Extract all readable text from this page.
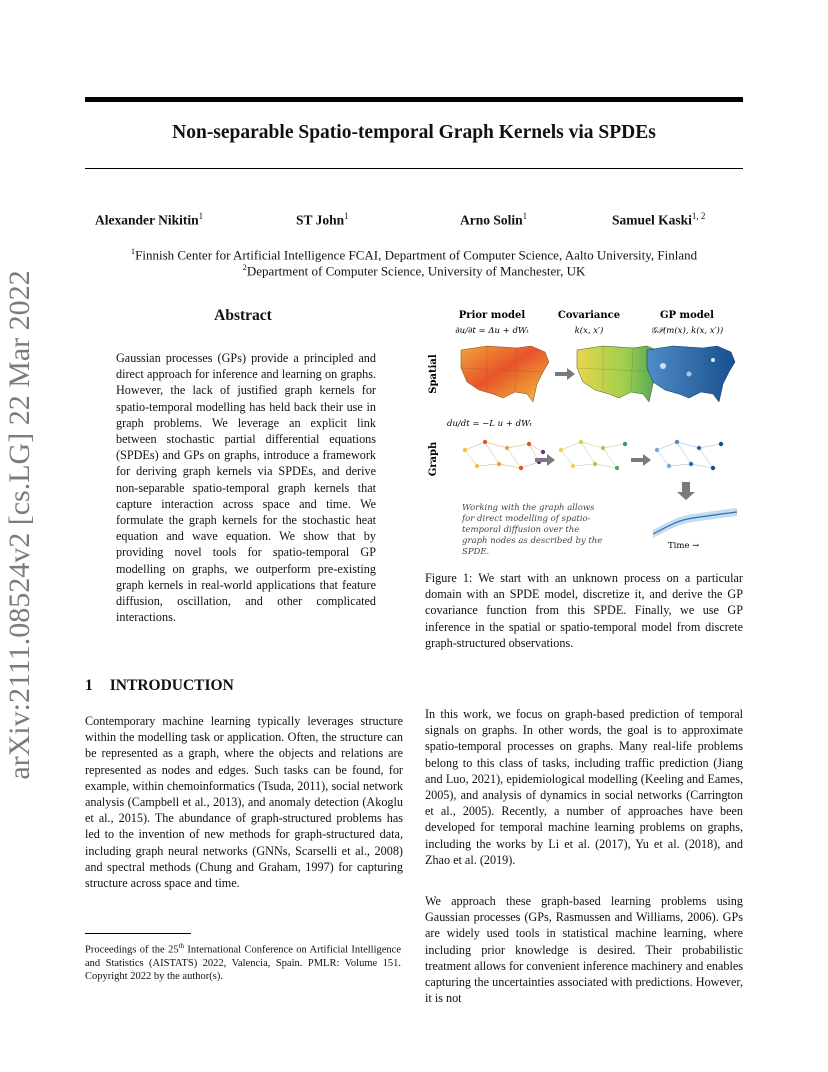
Non-separable Spatio-temporal Graph Kernels via SPDEs
arXiv:2111.08524v2 [cs.LG] 22 Mar 2022
Alexander Nikitin$^1$	ST John$^1$	Arno Solin$^1$	Samuel Kaski$^{1, 2}$
$^1$Finnish Center for Artificial Intelligence FCAI, Department of Computer Science, Aalto University, Finland
$^2$Department of Computer Science, University of Manchester, UK
Abstract
Gaussian processes (GPs) provide a principled and direct approach for inference and learning on graphs. However, the lack of justified graph kernels for spatio-temporal modelling has held back their use in graph problems. We leverage an explicit link between stochastic partial differential equations (SPDEs) and GPs on graphs, introduce a framework for deriving graph kernels via SPDEs, and derive non-separable spatio-temporal graph kernels that capture interaction across space and time. We formulate the graph kernels for the stochastic heat equation and wave equation. We show that by providing novel tools for spatio-temporal GP modelling on graphs, we outperform pre-existing graph kernels in real-world applications that feature diffusion, oscillation, and other complicated interactions.
1 INTRODUCTION
Contemporary machine learning typically leverages structure within the modelling task or application. Often, the structure can be represented as a graph, where the objects and relations are represented as nodes and edges. Such tasks can be found, for example, within chemoinformatics (Tsuda, 2011), social network analysis (Campbell et al., 2013), and anomaly detection (Akoglu et al., 2015). The abundance of graph-structured problems has led to the invention of new methods for graph-structured data, including graph neural networks (GNNs, Scarselli et al., 2008) and spectral methods (Chung and Graham, 1997) for capturing structure across space and time.
Proceedings of the 25th International Conference on Artificial Intelligence and Statistics (AISTATS) 2022, Valencia, Spain. PMLR: Volume 151. Copyright 2022 by the author(s).
In this work, we focus on graph-based prediction of temporal signals on graphs. In other words, the goal is to approximate spatio-temporal processes on graphs. Many real-life problems belong to this class of tasks, including traffic prediction (Jiang and Luo, 2021), epidemiological modelling (Keeling and Eames, 2005), and analysis of dynamics in social networks (Carrington et al., 2005). Recently, a number of approaches have been developed for temporal machine learning problems on graphs, including the works by Li et al. (2017), Yu et al. (2018), and Zhao et al. (2019).
We approach these graph-based learning problems using Gaussian processes (GPs, Rasmussen and Williams, 2006). GPs are widely used tools in statistical machine learning, where including prior knowledge is desired. Their probabilistic treatment allows for convenient inference machinery and enables capturing the uncertainties associated with predictions. However, it is not
Prior model	Covariance	GP model
∂u/∂t = Δu + dWₜ	k(x, x′)	𝒢𝒫(m(x), k(x, x′))
Spatial
Graph
du/dt = −L u + dWₜ
Time →
Working with the graph allows
for direct modelling of spatio-
temporal diffusion over the
graph nodes as described by the
SPDE.
Figure 1: We start with an unknown process on a particular domain with an SPDE model, discretize it, and derive the GP covariance function from this SPDE. Finally, we use GP inference in the spatial or spatio-temporal model from discrete graph-structured observations.
